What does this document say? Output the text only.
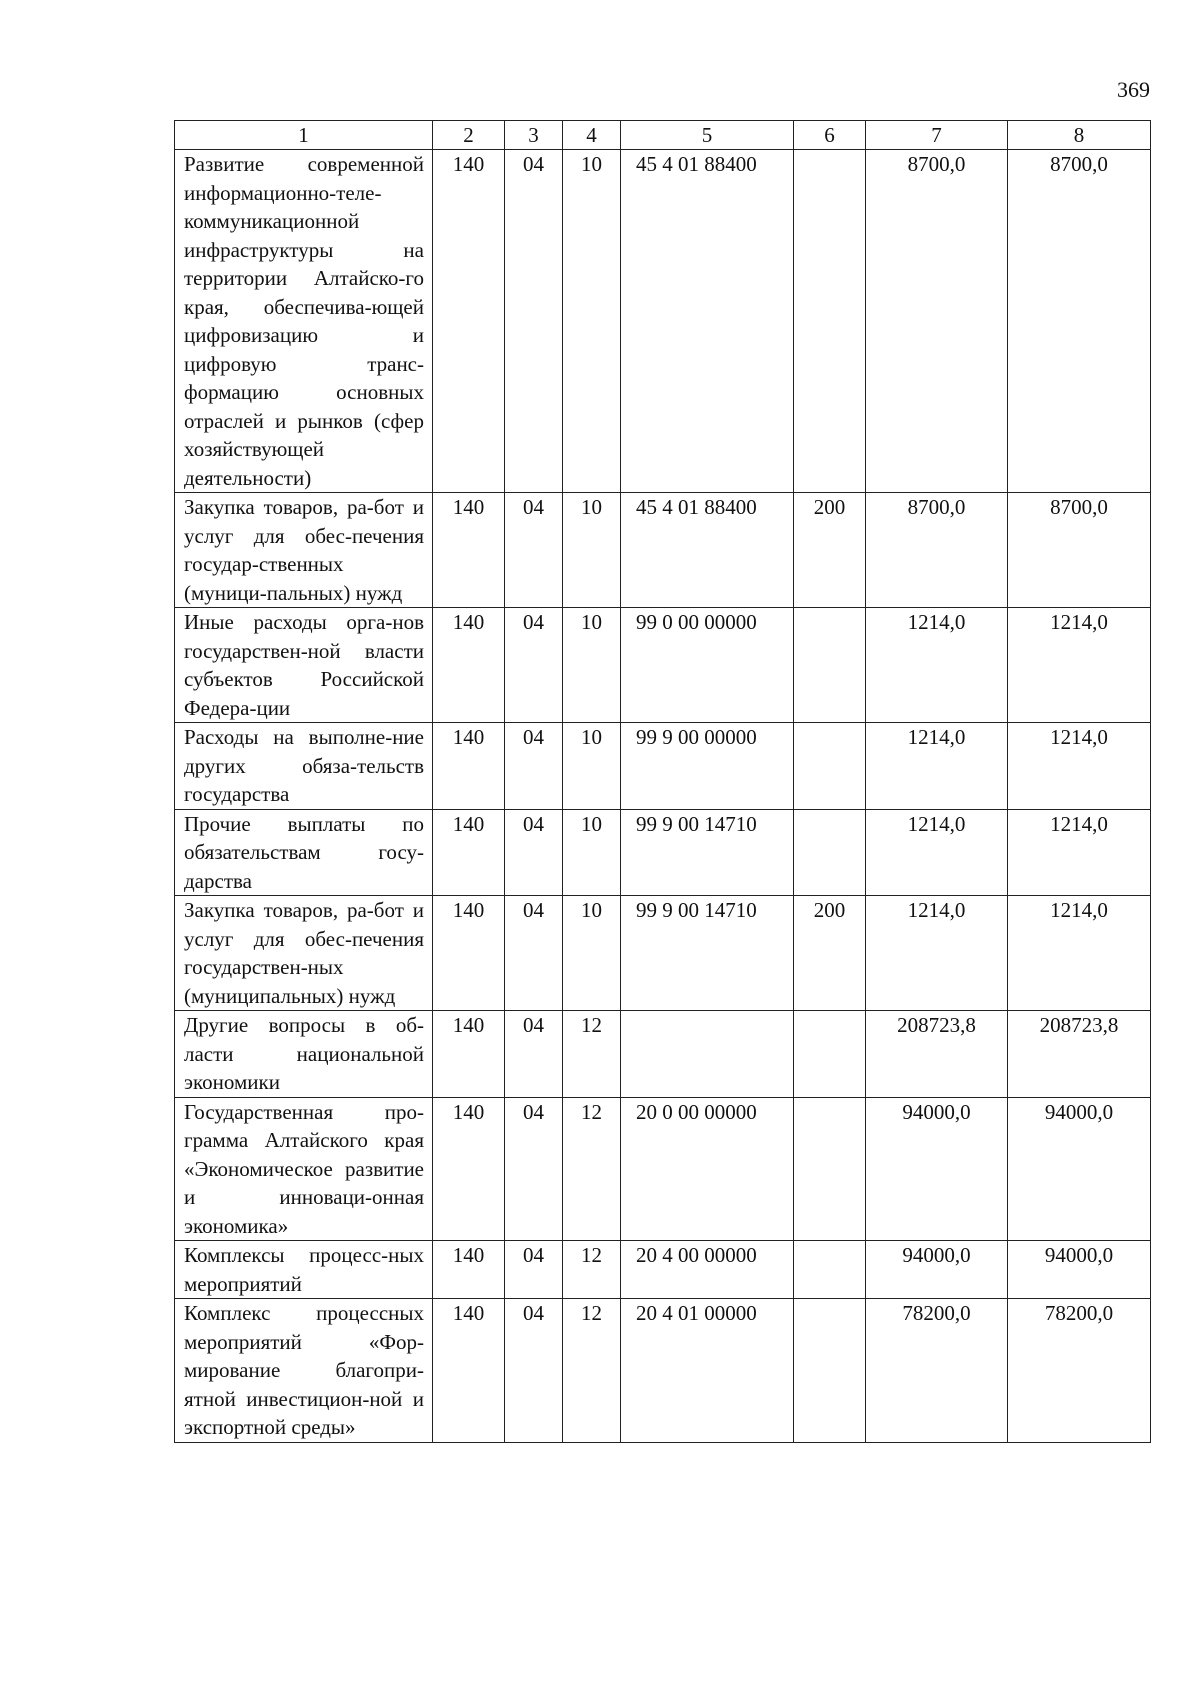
369
1	2	3	4	5	6	7	8
Развитие современной информационно-теле-коммуникационной инфраструктуры на территории Алтайско-го края, обеспечива-ющей цифровизацию и цифровую транс-формацию основных отраслей и рынков (сфер хозяйствующей деятельности)	140	04	10	45 4 01 88400		8700,0	8700,0
Закупка товаров, ра-бот и услуг для обес-печения государ-ственных (муници-пальных) нужд	140	04	10	45 4 01 88400	200	8700,0	8700,0
Иные расходы орга-нов государствен-ной власти субъектов Российской Федера-ции	140	04	10	99 0 00 00000		1214,0	1214,0
Расходы на выполне-ние других обяза-тельств государства	140	04	10	99 9 00 00000		1214,0	1214,0
Прочие выплаты по обязательствам госу-дарства	140	04	10	99 9 00 14710		1214,0	1214,0
Закупка товаров, ра-бот и услуг для обес-печения государствен-ных (муниципальных) нужд	140	04	10	99 9 00 14710	200	1214,0	1214,0
Другие вопросы в об-ласти национальной экономики	140	04	12			208723,8	208723,8
Государственная про-грамма Алтайского края «Экономическое развитие и инноваци-онная экономика»	140	04	12	20 0 00 00000		94000,0	94000,0
Комплексы процесс-ных мероприятий	140	04	12	20 4 00 00000		94000,0	94000,0
Комплекс процессных мероприятий «Фор-мирование благопри-ятной инвестицион-ной и экспортной среды»	140	04	12	20 4 01 00000		78200,0	78200,0
